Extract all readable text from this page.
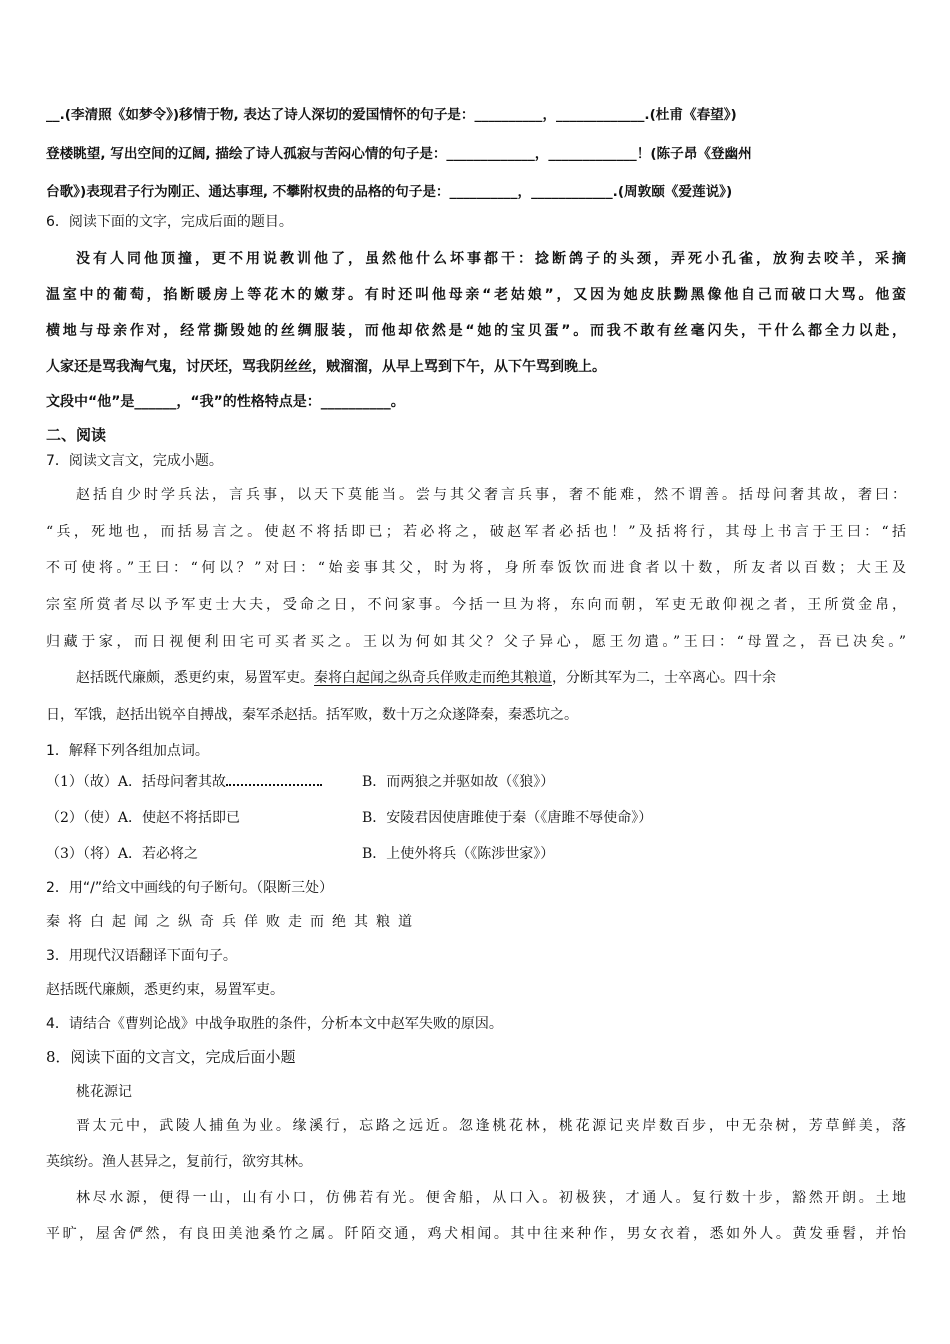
__.(李清照《如梦令》)移情于物, 表达了诗人深切的爱国情怀的句子是：__________，_____________.(杜甫《春望》)
登楼眺望, 写出空间的辽阔, 描绘了诗人孤寂与苦闷心情的句子是：_____________，_____________！(陈子昂《登幽州
台歌》)表现君子行为刚正、通达事理, 不攀附权贵的品格的句子是：__________，____________.(周敦颐《爱莲说》)
6．阅读下面的文字，完成后面的题目。
没有人同他顶撞，更不用说教训他了，虽然他什么坏事都干：捻断鸽子的头颈，弄死小孔雀，放狗去咬羊，采摘
温室中的葡萄，掐断暖房上等花木的嫩芽。有时还叫他母亲“老姑娘”，又因为她皮肤黝黑像他自己而破口大骂。他蛮
横地与母亲作对，经常撕毁她的丝绸服装，而他却依然是“她的宝贝蛋”。而我不敢有丝毫闪失，干什么都全力以赴，
人家还是骂我淘气鬼，讨厌坯，骂我阴丝丝，贼溜溜，从早上骂到下午，从下午骂到晚上。
文段中“他”是______，“我”的性格特点是：__________。
二、阅读
7．阅读文言文，完成小题。
赵括自少时学兵法，言兵事，以天下莫能当。尝与其父奢言兵事，奢不能难，然不谓善。括母问奢其故，奢曰：
“兵，死地也，而括易言之。使赵不将括即已；若必将之，破赵军者必括也！”及括将行，其母上书言于王曰：“括
不可使将。”王曰：“何以？”对曰：“始妾事其父，时为将，身所奉饭饮而进食者以十数，所友者以百数；大王及
宗室所赏者尽以予军吏士大夫，受命之日，不问家事。今括一旦为将，东向而朝，军吏无敢仰视之者，王所赏金帛，
归藏于家，而日视便利田宅可买者买之。王以为何如其父？父子异心，愿王勿遣。”王曰：“母置之，吾已决矣。”
赵括既代廉颇，悉更约束，易置军吏。秦将白起闻之纵奇兵佯败走而绝其粮道，分断其军为二，士卒离心。四十余
日，军饿，赵括出锐卒自搏战，秦军杀赵括。括军败，数十万之众遂降秦，秦悉坑之。
1．解释下列各组加点词。
（1）（故）A．括母问奢其故	B．而两狼之并驱如故（《狼》）
（2）（使）A．使赵不将括即已	B．安陵君因使唐雎使于秦（《唐雎不辱使命》）
（3）（将）A．若必将之	B．上使外将兵（《陈涉世家》）
2．用“/”给文中画线的句子断句。（限断三处）
秦将白起闻之纵奇兵佯败走而绝其粮道
3．用现代汉语翻译下面句子。
赵括既代廉颇，悉更约束，易置军吏。
4．请结合《曹刿论战》中战争取胜的条件，分析本文中赵军失败的原因。
8．阅读下面的文言文，完成后面小题
桃花源记
晋太元中，武陵人捕鱼为业。缘溪行，忘路之远近。忽逢桃花林，桃花源记夹岸数百步，中无杂树，芳草鲜美，落
英缤纷。渔人甚异之，复前行，欲穷其林。
林尽水源，便得一山，山有小口，仿佛若有光。便舍船，从口入。初极狭，才通人。复行数十步，豁然开朗。土地
平旷，屋舍俨然，有良田美池桑竹之属。阡陌交通，鸡犬相闻。其中往来种作，男女衣着，悉如外人。黄发垂髫，并怡
